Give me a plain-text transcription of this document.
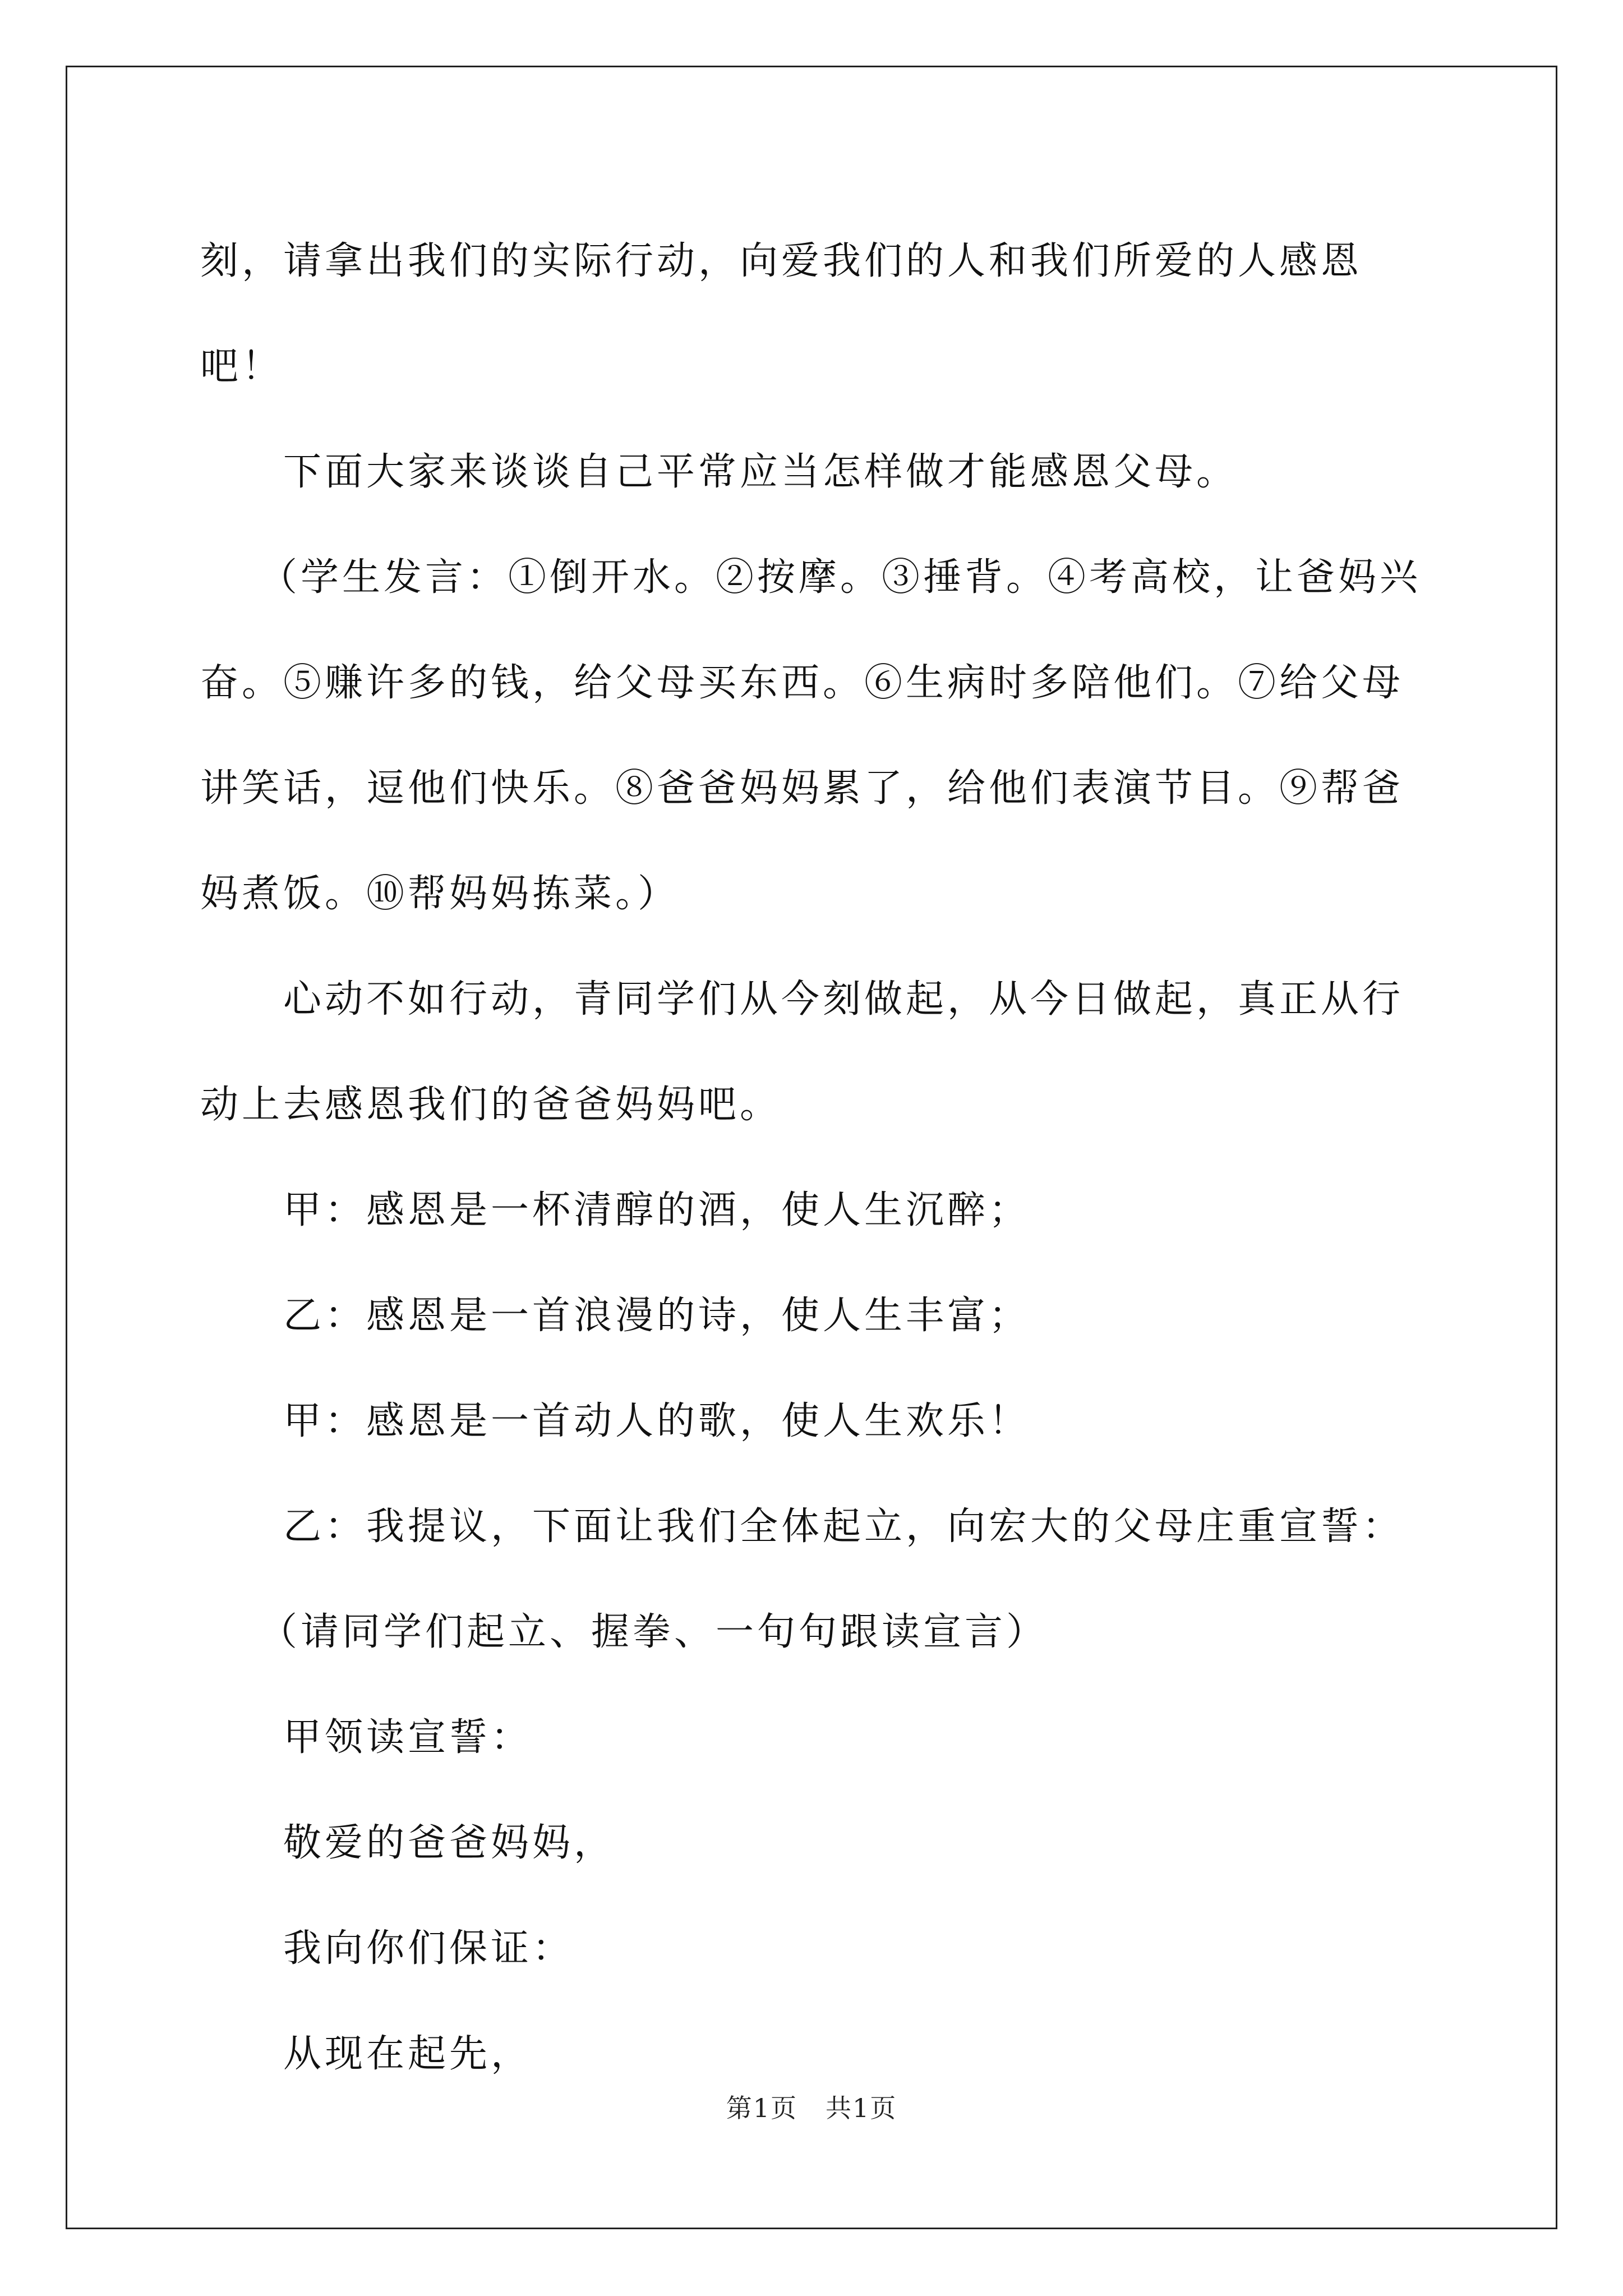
刻，请拿出我们的实际行动，向爱我们的人和我们所爱的人感恩吧！

下面大家来谈谈自己平常应当怎样做才能感恩父母。

（学生发言：①倒开水。②按摩。③捶背。④考高校，让爸妈兴奋。⑤赚许多的钱，给父母买东西。⑥生病时多陪他们。⑦给父母讲笑话，逗他们快乐。⑧爸爸妈妈累了，给他们表演节目。⑨帮爸妈煮饭。⑩帮妈妈拣菜。）

心动不如行动，青同学们从今刻做起，从今日做起，真正从行动上去感恩我们的爸爸妈妈吧。

甲：感恩是一杯清醇的酒，使人生沉醉；

乙：感恩是一首浪漫的诗，使人生丰富；

甲：感恩是一首动人的歌，使人生欢乐！

乙：我提议，下面让我们全体起立，向宏大的父母庄重宣誓：

（请同学们起立、握拳、一句句跟读宣言）

甲领读宣誓：

敬爱的爸爸妈妈，

我向你们保证：

从现在起先，

第1页 共1页
